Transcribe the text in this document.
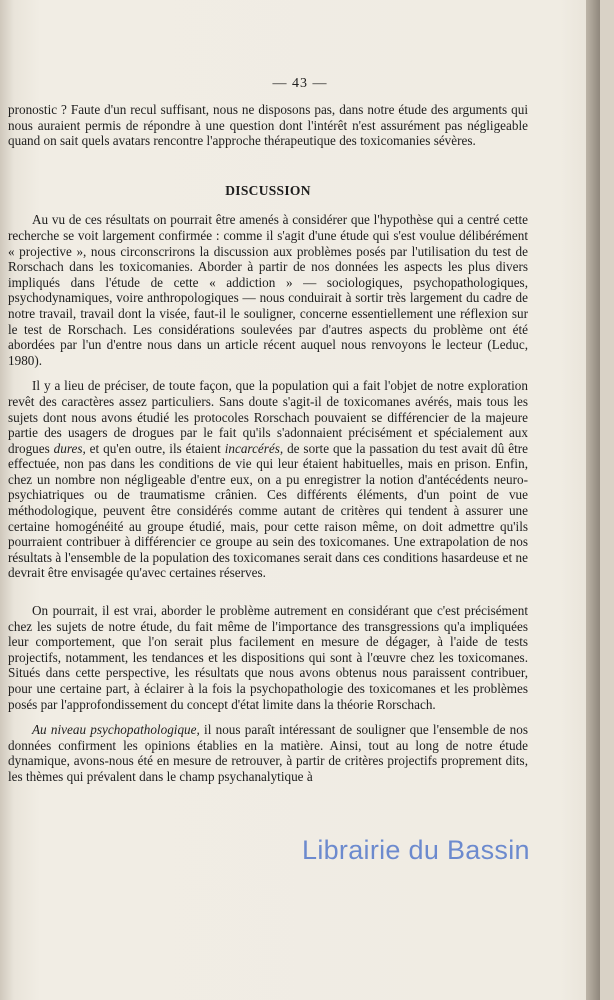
— 43 —

pronostic ? Faute d'un recul suffisant, nous ne disposons pas, dans notre étude des arguments qui nous auraient permis de répondre à une question dont l'intérêt n'est assurément pas négligeable quand on sait quels avatars rencontre l'approche thérapeutique des toxicomanies sévères.

DISCUSSION

Au vu de ces résultats on pourrait être amenés à considérer que l'hypothèse qui a centré cette recherche se voit largement confirmée : comme il s'agit d'une étude qui s'est voulue délibérément « projective », nous circonscrirons la discussion aux problèmes posés par l'utilisation du test de Rorschach dans les toxicomanies. Aborder à partir de nos données les aspects les plus divers impliqués dans l'étude de cette « addiction » — sociologiques, psychopathologiques, psychodynamiques, voire anthropologiques — nous conduirait à sortir très largement du cadre de notre travail, travail dont la visée, faut-il le souligner, concerne essentiellement une réflexion sur le test de Rorschach. Les considérations soulevées par d'autres aspects du problème ont été abordées par l'un d'entre nous dans un article récent auquel nous renvoyons le lecteur (Leduc, 1980).

Il y a lieu de préciser, de toute façon, que la population qui a fait l'objet de notre exploration revêt des caractères assez particuliers. Sans doute s'agit-il de toxicomanes avérés, mais tous les sujets dont nous avons étudié les protocoles Rorschach pouvaient se différencier de la majeure partie des usagers de drogues par le fait qu'ils s'adonnaient précisément et spécialement aux drogues dures, et qu'en outre, ils étaient incarcérés, de sorte que la passation du test avait dû être effectuée, non pas dans les conditions de vie qui leur étaient habituelles, mais en prison. Enfin, chez un nombre non négligeable d'entre eux, on a pu enregistrer la notion d'antécédents neuro-psychiatriques ou de traumatisme crânien. Ces différents éléments, d'un point de vue méthodologique, peuvent être considérés comme autant de critères qui tendent à assurer une certaine homogénéité au groupe étudié, mais, pour cette raison même, on doit admettre qu'ils pourraient contribuer à différencier ce groupe au sein des toxicomanes. Une extrapolation de nos résultats à l'ensemble de la population des toxicomanes serait dans ces conditions hasardeuse et ne devrait être envisagée qu'avec certaines réserves.

On pourrait, il est vrai, aborder le problème autrement en considérant que c'est précisément chez les sujets de notre étude, du fait même de l'importance des transgressions qu'a impliquées leur comportement, que l'on serait plus facilement en mesure de dégager, à l'aide de tests projectifs, notamment, les tendances et les dispositions qui sont à l'œuvre chez les toxicomanes. Situés dans cette perspective, les résultats que nous avons obtenus nous paraissent contribuer, pour une certaine part, à éclairer à la fois la psychopathologie des toxicomanes et les problèmes posés par l'approfondissement du concept d'état limite dans la théorie Rorschach.

Au niveau psychopathologique, il nous paraît intéressant de souligner que l'ensemble de nos données confirment les opinions établies en la matière. Ainsi, tout au long de notre étude dynamique, avons-nous été en mesure de retrouver, à partir de critères projectifs proprement dits, les thèmes qui prévalent dans le champ psychanalytique à

Librairie du Bassin
